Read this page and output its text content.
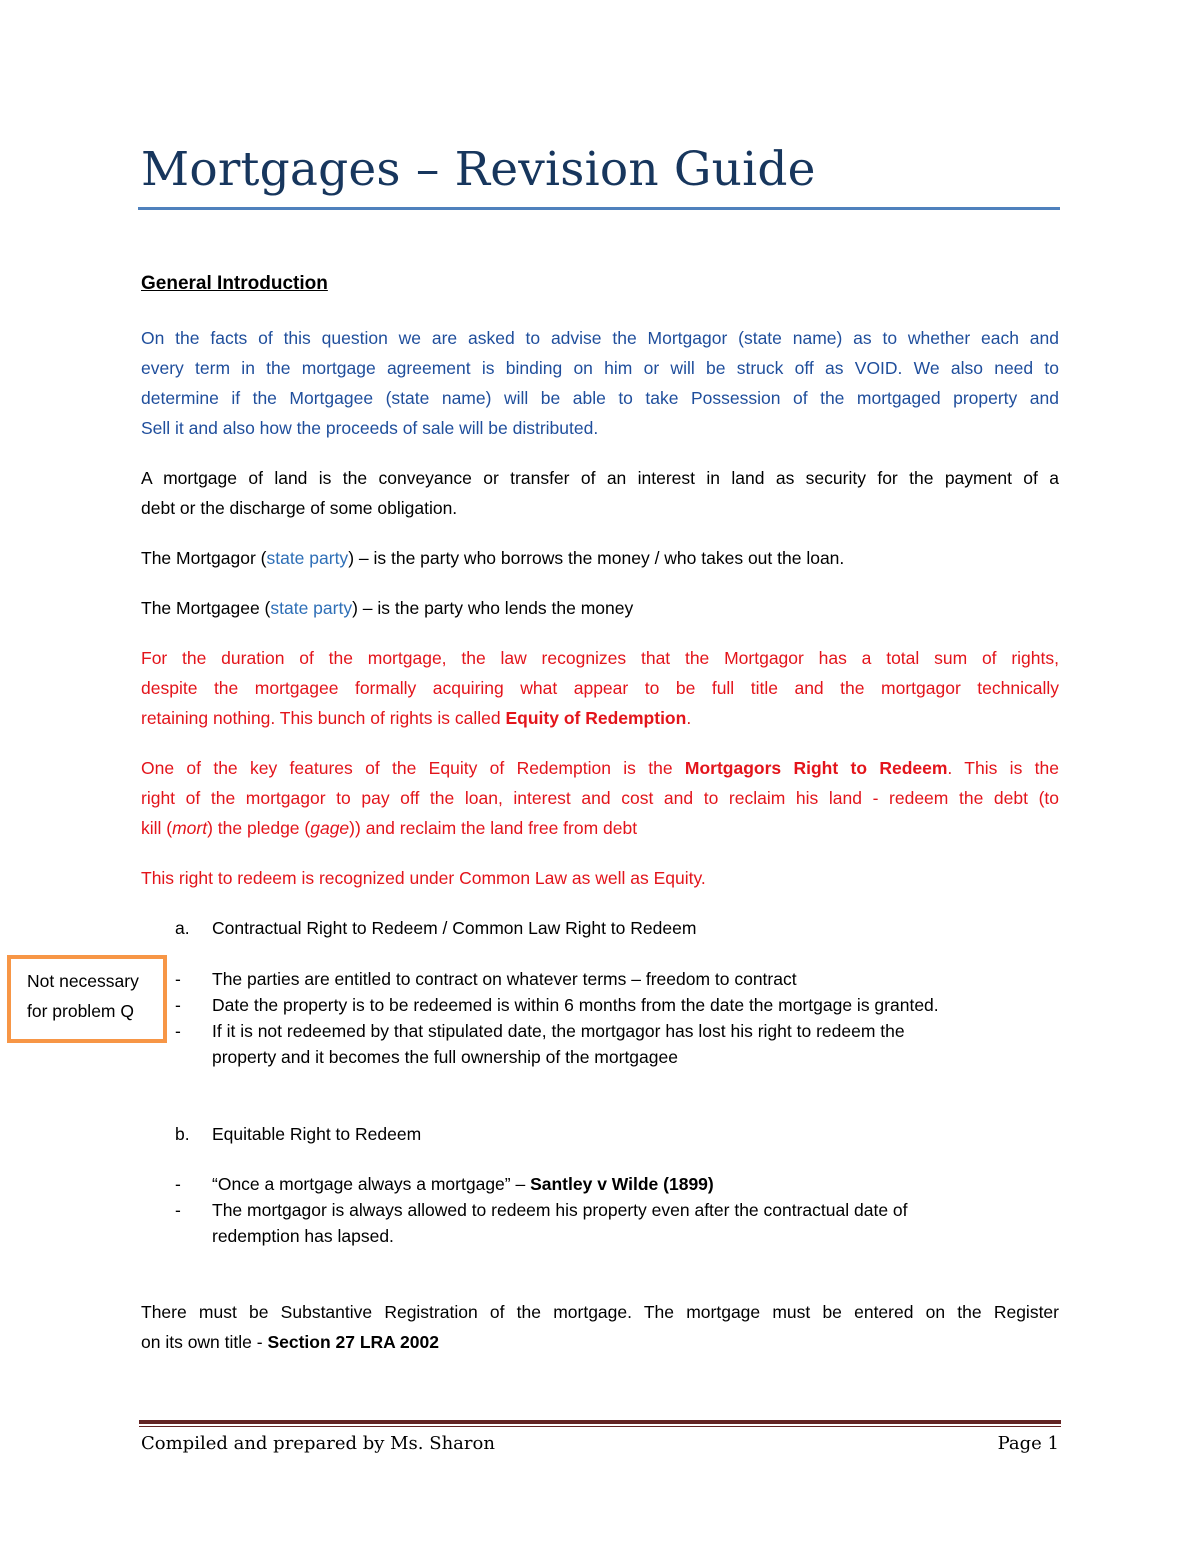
Mortgages – Revision Guide
General Introduction
On the facts of this question we are asked to advise the Mortgagor (state name) as to whether each and
every term in the mortgage agreement is binding on him or will be struck off as VOID. We also need to
determine if the Mortgagee (state name) will be able to take Possession of the mortgaged property and
Sell it and also how the proceeds of sale will be distributed.
A mortgage of land is the conveyance or transfer of an interest in land as security for the payment of a
debt or the discharge of some obligation.
The Mortgagor (state party) – is the party who borrows the money / who takes out the loan.
The Mortgagee (state party) – is the party who lends the money
For the duration of the mortgage, the law recognizes that the Mortgagor has a total sum of rights,
despite the mortgagee formally acquiring what appear to be full title and the mortgagor technically
retaining nothing. This bunch of rights is called Equity of Redemption.
One of the key features of the Equity of Redemption is the Mortgagors Right to Redeem. This is the
right of the mortgagor to pay off the loan, interest and cost and to reclaim his land - redeem the debt (to
kill (mort) the pledge (gage)) and reclaim the land free from debt
This right to redeem is recognized under Common Law as well as Equity.
a. Contractual Right to Redeem / Common Law Right to Redeem
Not necessary
for problem Q
- The parties are entitled to contract on whatever terms – freedom to contract
- Date the property is to be redeemed is within 6 months from the date the mortgage is granted.
- If it is not redeemed by that stipulated date, the mortgagor has lost his right to redeem the
property and it becomes the full ownership of the mortgagee
b. Equitable Right to Redeem
- “Once a mortgage always a mortgage” – Santley v Wilde (1899)
- The mortgagor is always allowed to redeem his property even after the contractual date of
redemption has lapsed.
There must be Substantive Registration of the mortgage. The mortgage must be entered on the Register
on its own title - Section 27 LRA 2002
Compiled and prepared by Ms. Sharon	Page 1
